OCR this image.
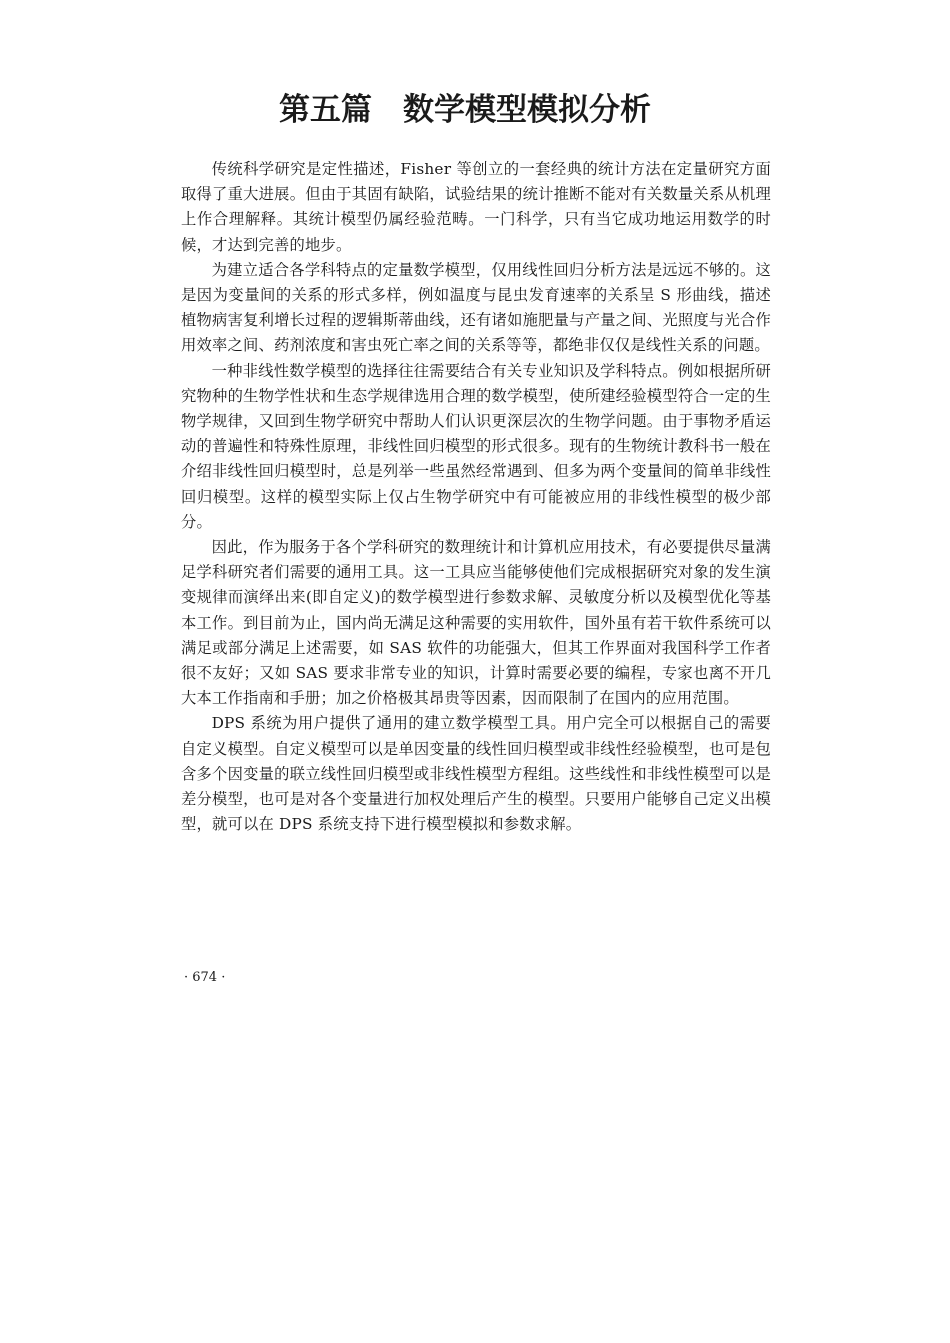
第五篇　数学模型模拟分析

传统科学研究是定性描述，Fisher 等创立的一套经典的统计方法在定量研究方面取得了重大进展。但由于其固有缺陷，试验结果的统计推断不能对有关数量关系从机理上作合理解释。其统计模型仍属经验范畴。一门科学，只有当它成功地运用数学的时候，才达到完善的地步。

为建立适合各学科特点的定量数学模型，仅用线性回归分析方法是远远不够的。这是因为变量间的关系的形式多样，例如温度与昆虫发育速率的关系呈 S 形曲线，描述植物病害复利增长过程的逻辑斯蒂曲线，还有诸如施肥量与产量之间、光照度与光合作用效率之间、药剂浓度和害虫死亡率之间的关系等等，都绝非仅仅是线性关系的问题。

一种非线性数学模型的选择往往需要结合有关专业知识及学科特点。例如根据所研究物种的生物学性状和生态学规律选用合理的数学模型，使所建经验模型符合一定的生物学规律，又回到生物学研究中帮助人们认识更深层次的生物学问题。由于事物矛盾运动的普遍性和特殊性原理，非线性回归模型的形式很多。现有的生物统计教科书一般在介绍非线性回归模型时，总是列举一些虽然经常遇到、但多为两个变量间的简单非线性回归模型。这样的模型实际上仅占生物学研究中有可能被应用的非线性模型的极少部分。

因此，作为服务于各个学科研究的数理统计和计算机应用技术，有必要提供尽量满足学科研究者们需要的通用工具。这一工具应当能够使他们完成根据研究对象的发生演变规律而演绎出来(即自定义)的数学模型进行参数求解、灵敏度分析以及模型优化等基本工作。到目前为止，国内尚无满足这种需要的实用软件，国外虽有若干软件系统可以满足或部分满足上述需要，如 SAS 软件的功能强大，但其工作界面对我国科学工作者很不友好；又如 SAS 要求非常专业的知识，计算时需要必要的编程，专家也离不开几大本工作指南和手册；加之价格极其昂贵等因素，因而限制了在国内的应用范围。

DPS 系统为用户提供了通用的建立数学模型工具。用户完全可以根据自己的需要自定义模型。自定义模型可以是单因变量的线性回归模型或非线性经验模型，也可是包含多个因变量的联立线性回归模型或非线性模型方程组。这些线性和非线性模型可以是差分模型，也可是对各个变量进行加权处理后产生的模型。只要用户能够自己定义出模型，就可以在 DPS 系统支持下进行模型模拟和参数求解。

· 674 ·
